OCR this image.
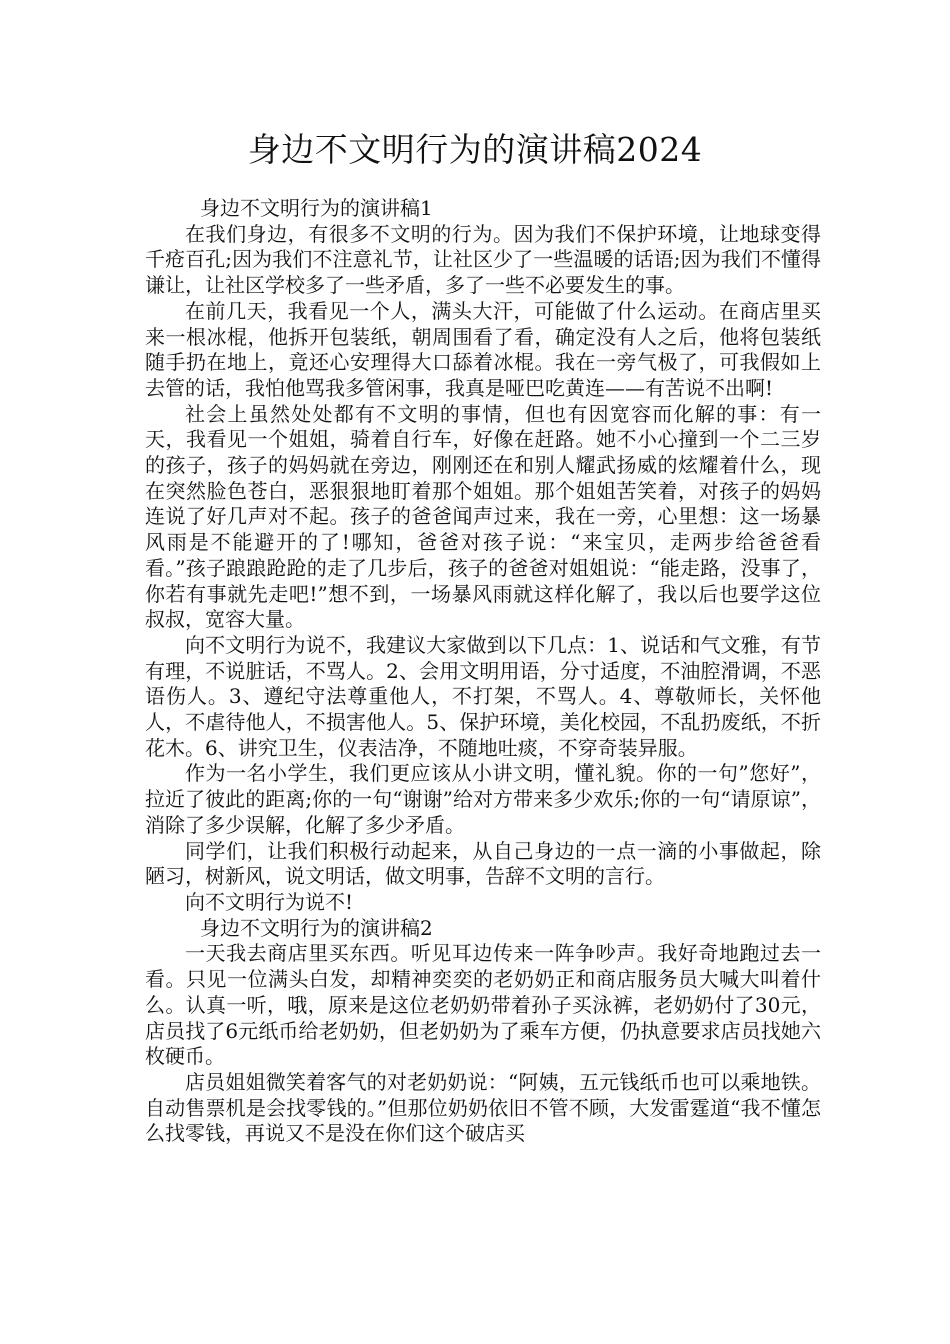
身边不文明行为的演讲稿2024

身边不文明行为的演讲稿1

在我们身边，有很多不文明的行为。因为我们不保护环境，让地球变得千疮百孔;因为我们不注意礼节，让社区少了一些温暖的话语;因为我们不懂得谦让，让社区学校多了一些矛盾，多了一些不必要发生的事。

在前几天，我看见一个人，满头大汗，可能做了什么运动。在商店里买来一根冰棍，他拆开包装纸，朝周围看了看，确定没有人之后，他将包装纸随手扔在地上，竟还心安理得大口舔着冰棍。我在一旁气极了，可我假如上去管的话，我怕他骂我多管闲事，我真是哑巴吃黄连——有苦说不出啊!

社会上虽然处处都有不文明的事情，但也有因宽容而化解的事：有一天，我看见一个姐姐，骑着自行车，好像在赶路。她不小心撞到一个二三岁的孩子，孩子的妈妈就在旁边，刚刚还在和别人耀武扬威的炫耀着什么，现在突然脸色苍白，恶狠狠地盯着那个姐姐。那个姐姐苦笑着，对孩子的妈妈连说了好几声对不起。孩子的爸爸闻声过来，我在一旁，心里想：这一场暴风雨是不能避开的了!哪知，爸爸对孩子说：“来宝贝，走两步给爸爸看看。”孩子踉踉跄跄的走了几步后，孩子的爸爸对姐姐说：“能走路，没事了，你若有事就先走吧!”想不到，一场暴风雨就这样化解了，我以后也要学这位叔叔，宽容大量。

向不文明行为说不，我建议大家做到以下几点：1、说话和气文雅，有节有理，不说脏话，不骂人。2、会用文明用语，分寸适度，不油腔滑调，不恶语伤人。3、遵纪守法尊重他人，不打架，不骂人。4、尊敬师长，关怀他人，不虐待他人，不损害他人。5、保护环境，美化校园，不乱扔废纸，不折花木。6、讲究卫生，仪表洁净，不随地吐痰，不穿奇装异服。

作为一名小学生，我们更应该从小讲文明，懂礼貌。你的一句”您好”，拉近了彼此的距离;你的一句“谢谢”给对方带来多少欢乐;你的一句“请原谅”，消除了多少误解，化解了多少矛盾。

同学们，让我们积极行动起来，从自己身边的一点一滴的小事做起，除陋习，树新风，说文明话，做文明事，告辞不文明的言行。

向不文明行为说不!

身边不文明行为的演讲稿2

一天我去商店里买东西。听见耳边传来一阵争吵声。我好奇地跑过去一看。只见一位满头白发，却精神奕奕的老奶奶正和商店服务员大喊大叫着什么。认真一听，哦，原来是这位老奶奶带着孙子买泳裤，老奶奶付了30元，店员找了6元纸币给老奶奶，但老奶奶为了乘车方便，仍执意要求店员找她六枚硬币。

店员姐姐微笑着客气的对老奶奶说：“阿姨，五元钱纸币也可以乘地铁。自动售票机是会找零钱的。”但那位奶奶依旧不管不顾，大发雷霆道“我不懂怎么找零钱，再说又不是没在你们这个破店买
